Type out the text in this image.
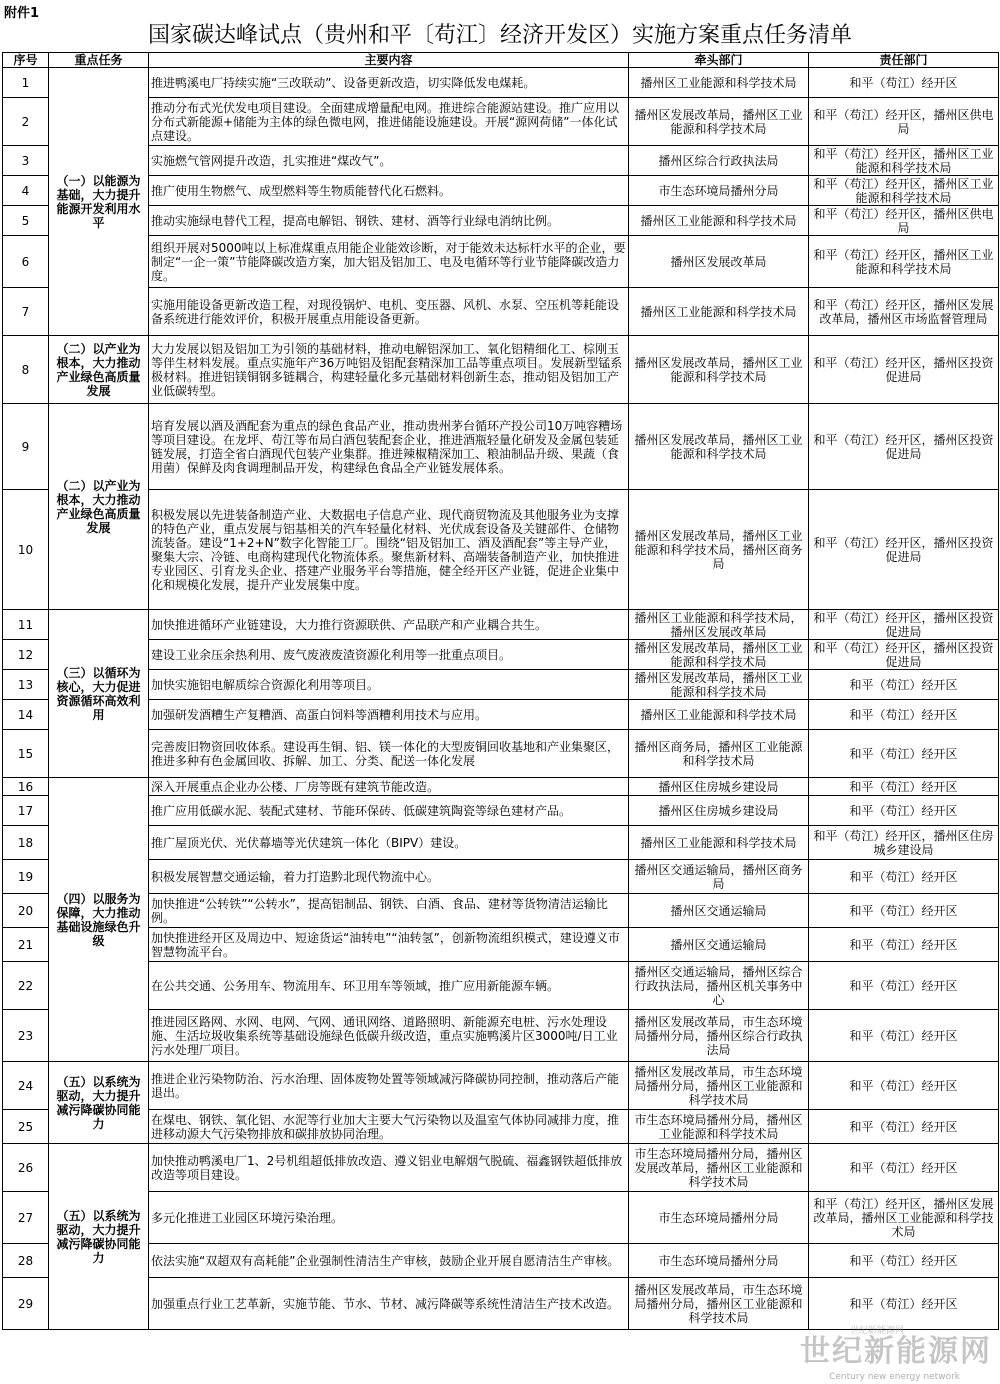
附件1
国家碳达峰试点（贵州和平〔苟江〕经济开发区）实施方案重点任务清单
序号	重点任务	主要内容	牵头部门	责任部门
1	（一）以能源为基础，大力提升能源开发利用水平	推进鸭溪电厂持续实施“三改联动”、设备更新改造，切实降低发电煤耗。	播州区工业能源和科学技术局	和平（苟江）经开区
2		推动分布式光伏发电项目建设。全面建成增量配电网。推进综合能源站建设。推广应用以分布式新能源+储能为主体的绿色微电网，推进储能设施建设。开展“源网荷储”一体化试点建设。	播州区发展改革局，播州区工业能源和科学技术局	和平（苟江）经开区，播州区供电局
3		实施燃气管网提升改造，扎实推进“煤改气”。	播州区综合行政执法局	和平（苟江）经开区，播州区工业能源和科学技术局
4		推广使用生物燃气、成型燃料等生物质能替代化石燃料。	市生态环境局播州分局	和平（苟江）经开区，播州区工业能源和科学技术局
5		推动实施绿电替代工程，提高电解铝、钢铁、建材、酒等行业绿电消纳比例。	播州区工业能源和科学技术局	和平（苟江）经开区，播州区供电局
6		组织开展对5000吨以上标准煤重点用能企业能效诊断，对于能效未达标杆水平的企业，要制定“一企一策”节能降碳改造方案，加大铝及铝加工、电及电循环等行业节能降碳改造力度。	播州区发展改革局	和平（苟江）经开区，播州区工业能源和科学技术局
7		实施用能设备更新改造工程，对现役锅炉、电机、变压器、风机、水泵、空压机等耗能设备系统进行能效评价，积极开展重点用能设备更新。	播州区工业能源和科学技术局	和平（苟江）经开区，播州区发展改革局，播州区市场监督管理局
8	（二）以产业为根本，大力推动产业绿色高质量发展	大力发展以铝及铝加工为引领的基础材料，推动电解铝深加工、氧化铝精细化工、棕刚玉等伴生材料发展。重点实施年产36万吨铝及铝配套精深加工品等重点项目。发展新型锰系极材料。推进铝镁铜钢多链耦合，构建轻量化多元基础材料创新生态，推动铝及铝加工产业低碳转型。	播州区发展改革局，播州区工业能源和科学技术局	和平（苟江）经开区，播州区投资促进局
9	（二）以产业为根本，大力推动产业绿色高质量发展	培育发展以酒及酒配套为重点的绿色食品产业，推动贵州茅台循环产投公司10万吨容糟场等项目建设。在龙坪、苟江等布局白酒包装配套企业，推进酒瓶轻量化研发及金属包装延链发展，打造全省白酒现代包装产业集群。推进辣椒精深加工、粮油制品升级、果蔬（食用菌）保鲜及肉食调理制品开发，构建绿色食品全产业链发展体系。	播州区发展改革局，播州区工业能源和科学技术局	和平（苟江）经开区，播州区投资促进局
10		积极发展以先进装备制造产业、大数据电子信息产业、现代商贸物流及其他服务业为支撑的特色产业，重点发展与铝基相关的汽车轻量化材料、光伏成套设备及关键部件、仓储物流装备。建设“1+2+N”数字化智能工厂。围绕“铝及铝加工、酒及酒配套”等主导产业，聚集大宗、冷链、电商构建现代化物流体系。聚焦新材料、高端装备制造产业，加快推进专业园区、引育龙头企业、搭建产业服务平台等措施，健全经开区产业链，促进企业集中化和规模化发展，提升产业发展集中度。	播州区发展改革局，播州区工业能源和科学技术局，播州区商务局	和平（苟江）经开区，播州区投资促进局
11	（三）以循环为核心，大力促进资源循环高效利用	加快推进循环产业链建设，大力推行资源联供、产品联产和产业耦合共生。	播州区工业能源和科学技术局，播州区发展改革局	和平（苟江）经开区，播州区投资促进局
12		建设工业余压余热利用、废气废液废渣资源化利用等一批重点项目。	播州区发展改革局，播州区工业能源和科学技术局	和平（苟江）经开区，播州区投资促进局
13		加快实施铝电解质综合资源化利用等项目。	播州区发展改革局，播州区工业能源和科学技术局	和平（苟江）经开区
14		加强研发酒糟生产复糟酒、高蛋白饲料等酒糟利用技术与应用。	播州区工业能源和科学技术局	和平（苟江）经开区
15		完善废旧物资回收体系。建设再生铜、铝、镁一体化的大型废铜回收基地和产业集聚区，推进多种有色金属回收、拆解、加工、分类、配送一体化发展	播州区商务局，播州区工业能源和科学技术局	和平（苟江）经开区
16	（四）以服务为保障，大力推动基础设施绿色升级	深入开展重点企业办公楼、厂房等既有建筑节能改造。	播州区住房城乡建设局	和平（苟江）经开区
17		推广应用低碳水泥、装配式建材、节能环保砖、低碳建筑陶瓷等绿色建材产品。	播州区住房城乡建设局	和平（苟江）经开区
18		推广屋顶光伏、光伏幕墙等光伏建筑一体化（BIPV）建设。	播州区工业能源和科学技术局	和平（苟江）经开区，播州区住房城乡建设局
19		积极发展智慧交通运输，着力打造黔北现代物流中心。	播州区交通运输局，播州区商务局	和平（苟江）经开区
20		加快推进“公转铁”“公转水”，提高铝制品、钢铁、白酒、食品、建材等货物清洁运输比例。	播州区交通运输局	和平（苟江）经开区
21		加快推进经开区及周边中、短途货运“油转电”“油转氢”，创新物流组织模式，建设遵义市智慧物流平台。	播州区交通运输局	和平（苟江）经开区
22		在公共交通、公务用车、物流用车、环卫用车等领域，推广应用新能源车辆。	播州区交通运输局，播州区综合行政执法局，播州区机关事务中心	和平（苟江）经开区
23		推进园区路网、水网、电网、气网、通讯网络、道路照明、新能源充电桩、污水处理设施、生活垃圾收集系统等基础设施绿色低碳升级改造，重点实施鸭溪片区3000吨/日工业污水处理厂项目。	播州区发展改革局，市生态环境局播州分局，播州区综合行政执法局	和平（苟江）经开区
24	（五）以系统为驱动，大力提升减污降碳协同能力	推进企业污染物防治、污水治理、固体废物处置等领域减污降碳协同控制，推动落后产能退出。	播州区发展改革局，市生态环境局播州分局，播州区工业能源和科学技术局	和平（苟江）经开区
25		在煤电、钢铁、氧化铝、水泥等行业加大主要大气污染物以及温室气体协同减排力度，推进移动源大气污染物排放和碳排放协同治理。	市生态环境局播州分局，播州区工业能源和科学技术局	和平（苟江）经开区
26	（五）以系统为驱动，大力提升减污降碳协同能力	加快推动鸭溪电厂1、2号机组超低排放改造、遵义铝业电解烟气脱硫、福鑫钢铁超低排放改造等项目建设。	市生态环境局播州分局，播州区发展改革局，播州区工业能源和科学技术局	和平（苟江）经开区
27		多元化推进工业园区环境污染治理。	市生态环境局播州分局	和平（苟江）经开区，播州区发展改革局，播州区工业能源和科学技术局
28		依法实施“双超双有高耗能”企业强制性清洁生产审核，鼓励企业开展自愿清洁生产审核。	市生态环境局播州分局	和平（苟江）经开区
29		加强重点行业工艺革新，实施节能、节水、节材、减污降碳等系统性清洁生产技术改造。	播州区发展改革局，市生态环境局播州分局，播州区工业能源和科学技术局	和平（苟江）经开区
世纪新能源网
世纪新能源网
Century new energy network
